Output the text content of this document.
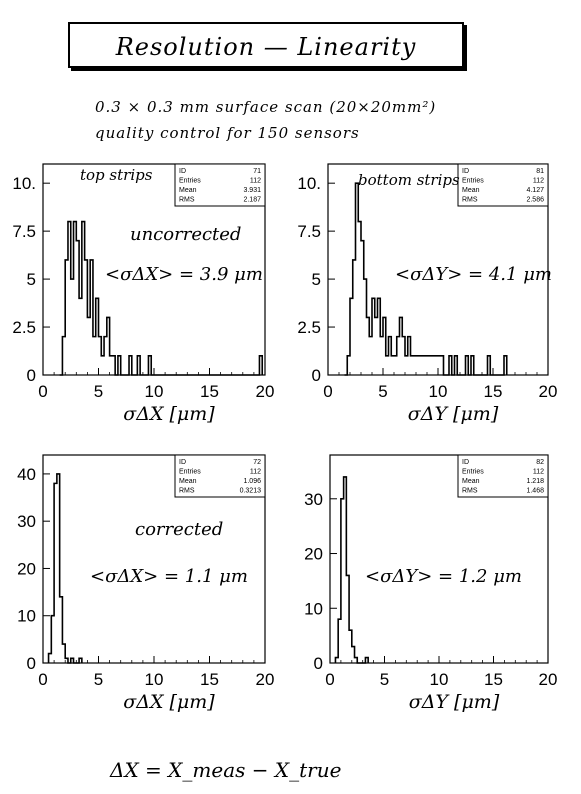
Resolution — Linearity
0.3 × 0.3 mm surface scan (20×20mm²)
quality control for 150 sensors
0	5 10 15 20
0
2.5
5
7.5
10.
ID	71
Entries	112
Mean	3.931
RMS	2.187
top strips
uncorrected
<σΔX> = 3.9 μm
σΔX [μm]
0	5 10 15 20
0
2.5
5
7.5
10.
ID	81
Entries	112
Mean	4.127
RMS	2.586
bottom strips
<σΔY> = 4.1 μm
σΔY [μm]
0	5 10 15 20
0
10
20
30
40
ID	72
Entries	112
Mean	1.096
RMS	0.3213
corrected
<σΔX> = 1.1 μm
σΔX [μm]
0	5 10 15 20
0
10
20
30
ID	82
Entries	112
Mean	1.218
RMS	1.468
<σΔY> = 1.2 μm
σΔY [μm]
ΔX = X_meas − X_true
